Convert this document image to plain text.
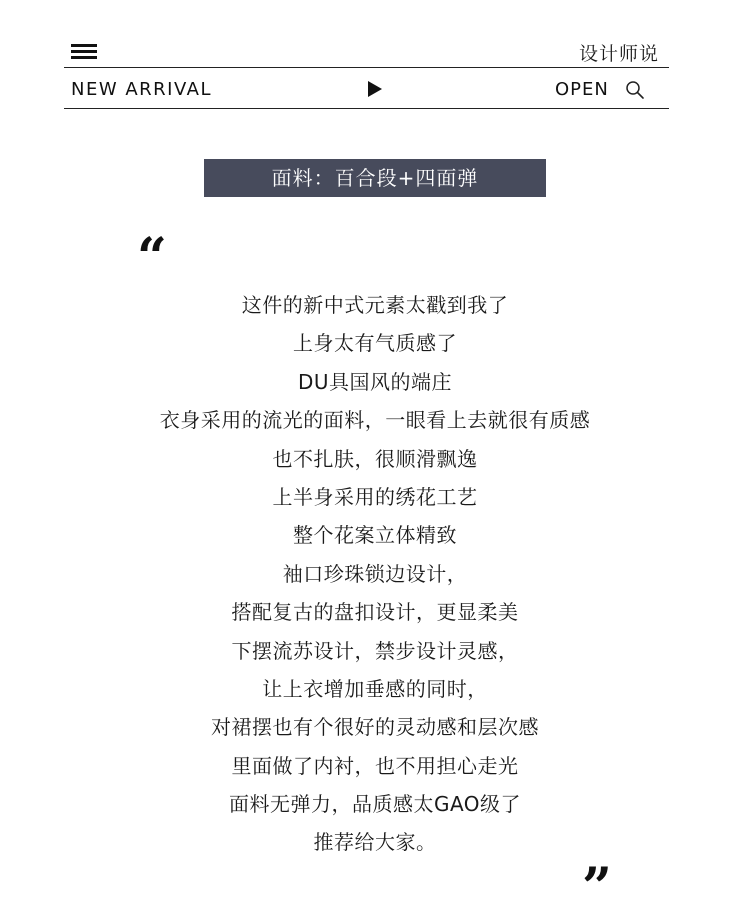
设计师说
NEW ARRIVAL	OPEN
面料：百合段+四面弹
“
这件的新中式元素太戳到我了
上身太有气质感了
DU具国风的端庄
衣身采用的流光的面料，一眼看上去就很有质感
也不扎肤，很顺滑飘逸
上半身采用的绣花工艺
整个花案立体精致
袖口珍珠锁边设计，
搭配复古的盘扣设计，更显柔美
下摆流苏设计，禁步设计灵感，
让上衣增加垂感的同时，
对裙摆也有个很好的灵动感和层次感
里面做了内衬，也不用担心走光
面料无弹力，品质感太GAO级了
推荐给大家。
”
